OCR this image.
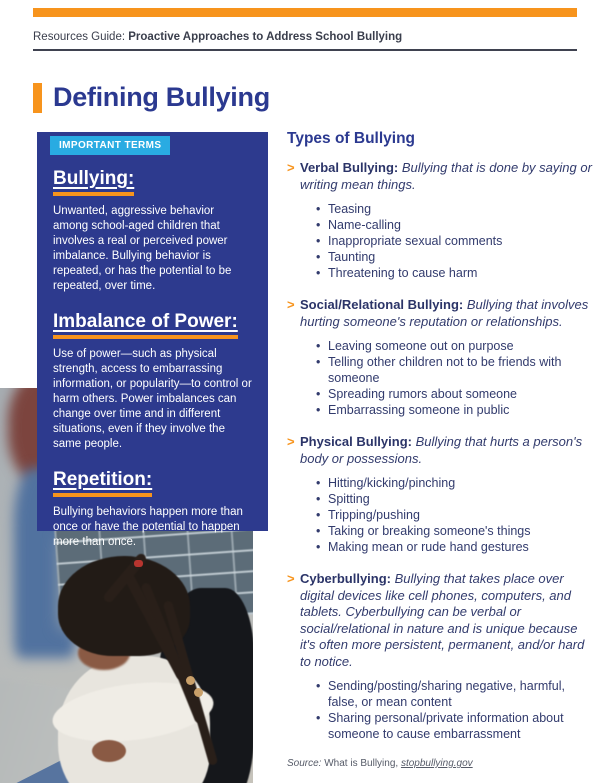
Resources Guide: Proactive Approaches to Address School Bullying
Defining Bullying
IMPORTANT TERMS
Bullying:
Unwanted, aggressive behavior among school-aged children that involves a real or perceived power imbalance. Bullying behavior is repeated, or has the potential to be repeated, over time.
Imbalance of Power:
Use of power—such as physical strength, access to embarrassing information, or popularity—to control or harm others. Power imbalances can change over time and in different situations, even if they involve the same people.
Repetition:
Bullying behaviors happen more than once or have the potential to happen more than once.
Types of Bullying
> Verbal Bullying: Bullying that is done by saying or writing mean things.
• Teasing
• Name-calling
• Inappropriate sexual comments
• Taunting
• Threatening to cause harm
> Social/Relational Bullying: Bullying that involves hurting someone's reputation or relationships.
• Leaving someone out on purpose
• Telling other children not to be friends with someone
• Spreading rumors about someone
• Embarrassing someone in public
> Physical Bullying: Bullying that hurts a person's body or possessions.
• Hitting/kicking/pinching
• Spitting
• Tripping/pushing
• Taking or breaking someone's things
• Making mean or rude hand gestures
> Cyberbullying: Bullying that takes place over digital devices like cell phones, computers, and tablets. Cyberbullying can be verbal or social/relational in nature and is unique because it's often more persistent, permanent, and/or hard to notice.
• Sending/posting/sharing negative, harmful, false, or mean content
• Sharing personal/private information about someone to cause embarrassment
Source: What is Bullying, stopbullying.gov
